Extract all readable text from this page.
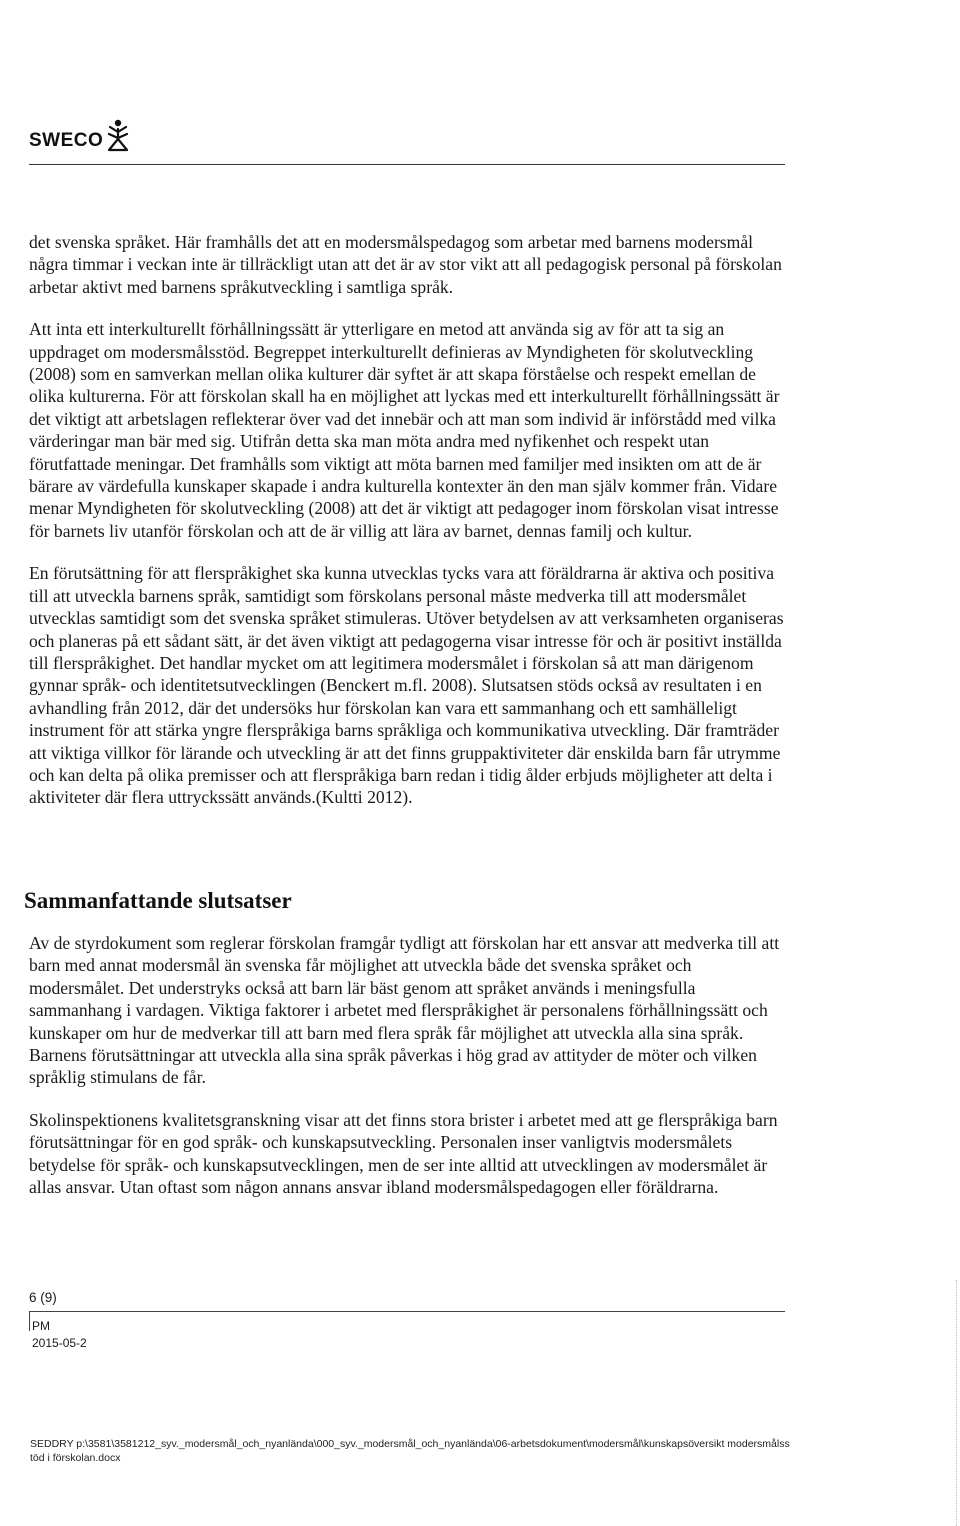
SWECO

det svenska språket. Här framhålls det att en modersmålspedagog som arbetar med barnens modersmål några timmar i veckan inte är tillräckligt utan att det är av stor vikt att all pedagogisk personal på förskolan arbetar aktivt med barnens språkutveckling i samtliga språk.

Att inta ett interkulturellt förhållningssätt är ytterligare en metod att använda sig av för att ta sig an uppdraget om modersmålsstöd. Begreppet interkulturellt definieras av Myndigheten för skolutveckling (2008) som en samverkan mellan olika kulturer där syftet är att skapa förståelse och respekt emellan de olika kulturerna. För att förskolan skall ha en möjlighet att lyckas med ett interkulturellt förhållningssätt är det viktigt att arbetslagen reflekterar över vad det innebär och att man som individ är införstådd med vilka värderingar man bär med sig. Utifrån detta ska man möta andra med nyfikenhet och respekt utan förutfattade meningar. Det framhålls som viktigt att möta barnen med familjer med insikten om att de är bärare av värdefulla kunskaper skapade i andra kulturella kontexter än den man själv kommer från. Vidare menar Myndigheten för skolutveckling (2008) att det är viktigt att pedagoger inom förskolan visat intresse för barnets liv utanför förskolan och att de är villig att lära av barnet, dennas familj och kultur.

En förutsättning för att flerspråkighet ska kunna utvecklas tycks vara att föräldrarna är aktiva och positiva till att utveckla barnens språk, samtidigt som förskolans personal måste medverka till att modersmålet utvecklas samtidigt som det svenska språket stimuleras. Utöver betydelsen av att verksamheten organiseras och planeras på ett sådant sätt, är det även viktigt att pedagogerna visar intresse för och är positivt inställda till flerspråkighet. Det handlar mycket om att legitimera modersmålet i förskolan så att man därigenom gynnar språk- och identitetsutvecklingen (Benckert m.fl. 2008). Slutsatsen stöds också av resultaten i en avhandling från 2012, där det undersöks hur förskolan kan vara ett sammanhang och ett samhälleligt instrument för att stärka yngre flerspråkiga barns språkliga och kommunikativa utveckling. Där framträder att viktiga villkor för lärande och utveckling är att det finns gruppaktiviteter där enskilda barn får utrymme och kan delta på olika premisser och att flerspråkiga barn redan i tidig ålder erbjuds möjligheter att delta i aktiviteter där flera uttryckssätt används.(Kultti 2012).

Sammanfattande slutsatser

Av de styrdokument som reglerar förskolan framgår tydligt att förskolan har ett ansvar att medverka till att barn med annat modersmål än svenska får möjlighet att utveckla både det svenska språket och modersmålet. Det understryks också att barn lär bäst genom att språket används i meningsfulla sammanhang i vardagen. Viktiga faktorer i arbetet med flerspråkighet är personalens förhållningssätt och kunskaper om hur de medverkar till att barn med flera språk får möjlighet att utveckla alla sina språk. Barnens förutsättningar att utveckla alla sina språk påverkas i hög grad av attityder de möter och vilken språklig stimulans de får.

Skolinspektionens kvalitetsgranskning visar att det finns stora brister i arbetet med att ge flerspråkiga barn förutsättningar för en god språk- och kunskapsutveckling. Personalen inser vanligtvis modersmålets betydelse för språk- och kunskapsutvecklingen, men de ser inte alltid att utvecklingen av modersmålet är allas ansvar. Utan oftast som någon annans ansvar ibland modersmålspedagogen eller föräldrarna.

6 (9)
PM
2015-05-2
SEDDRY p:\3581\3581212_syv._modersmål_och_nyanlända\000_syv._modersmål_och_nyanlända\06-arbetsdokument\modersmål\kunskapsöversikt modersmålsstöd i förskolan.docx
